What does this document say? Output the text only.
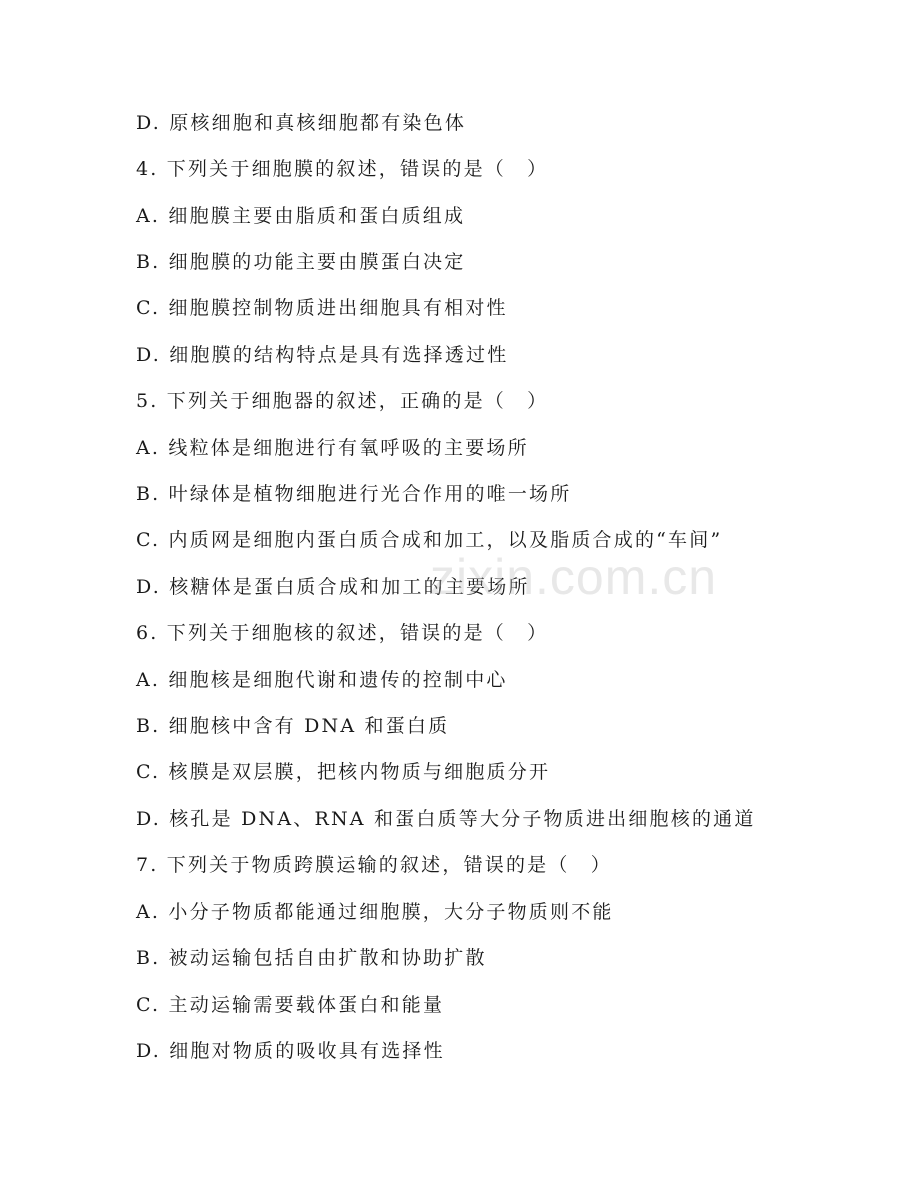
D. 原核细胞和真核细胞都有染色体
4. 下列关于细胞膜的叙述，错误的是（　）
A. 细胞膜主要由脂质和蛋白质组成
B. 细胞膜的功能主要由膜蛋白决定
C. 细胞膜控制物质进出细胞具有相对性
D. 细胞膜的结构特点是具有选择透过性
5. 下列关于细胞器的叙述，正确的是（　）
A. 线粒体是细胞进行有氧呼吸的主要场所
B. 叶绿体是植物细胞进行光合作用的唯一场所
C. 内质网是细胞内蛋白质合成和加工，以及脂质合成的“车间”
D. 核糖体是蛋白质合成和加工的主要场所
6. 下列关于细胞核的叙述，错误的是（　）
A. 细胞核是细胞代谢和遗传的控制中心
B. 细胞核中含有 DNA 和蛋白质
C. 核膜是双层膜，把核内物质与细胞质分开
D. 核孔是 DNA、RNA 和蛋白质等大分子物质进出细胞核的通道
7. 下列关于物质跨膜运输的叙述，错误的是（　）
A. 小分子物质都能通过细胞膜，大分子物质则不能
B. 被动运输包括自由扩散和协助扩散
C. 主动运输需要载体蛋白和能量
D. 细胞对物质的吸收具有选择性
zixin.com.cn
